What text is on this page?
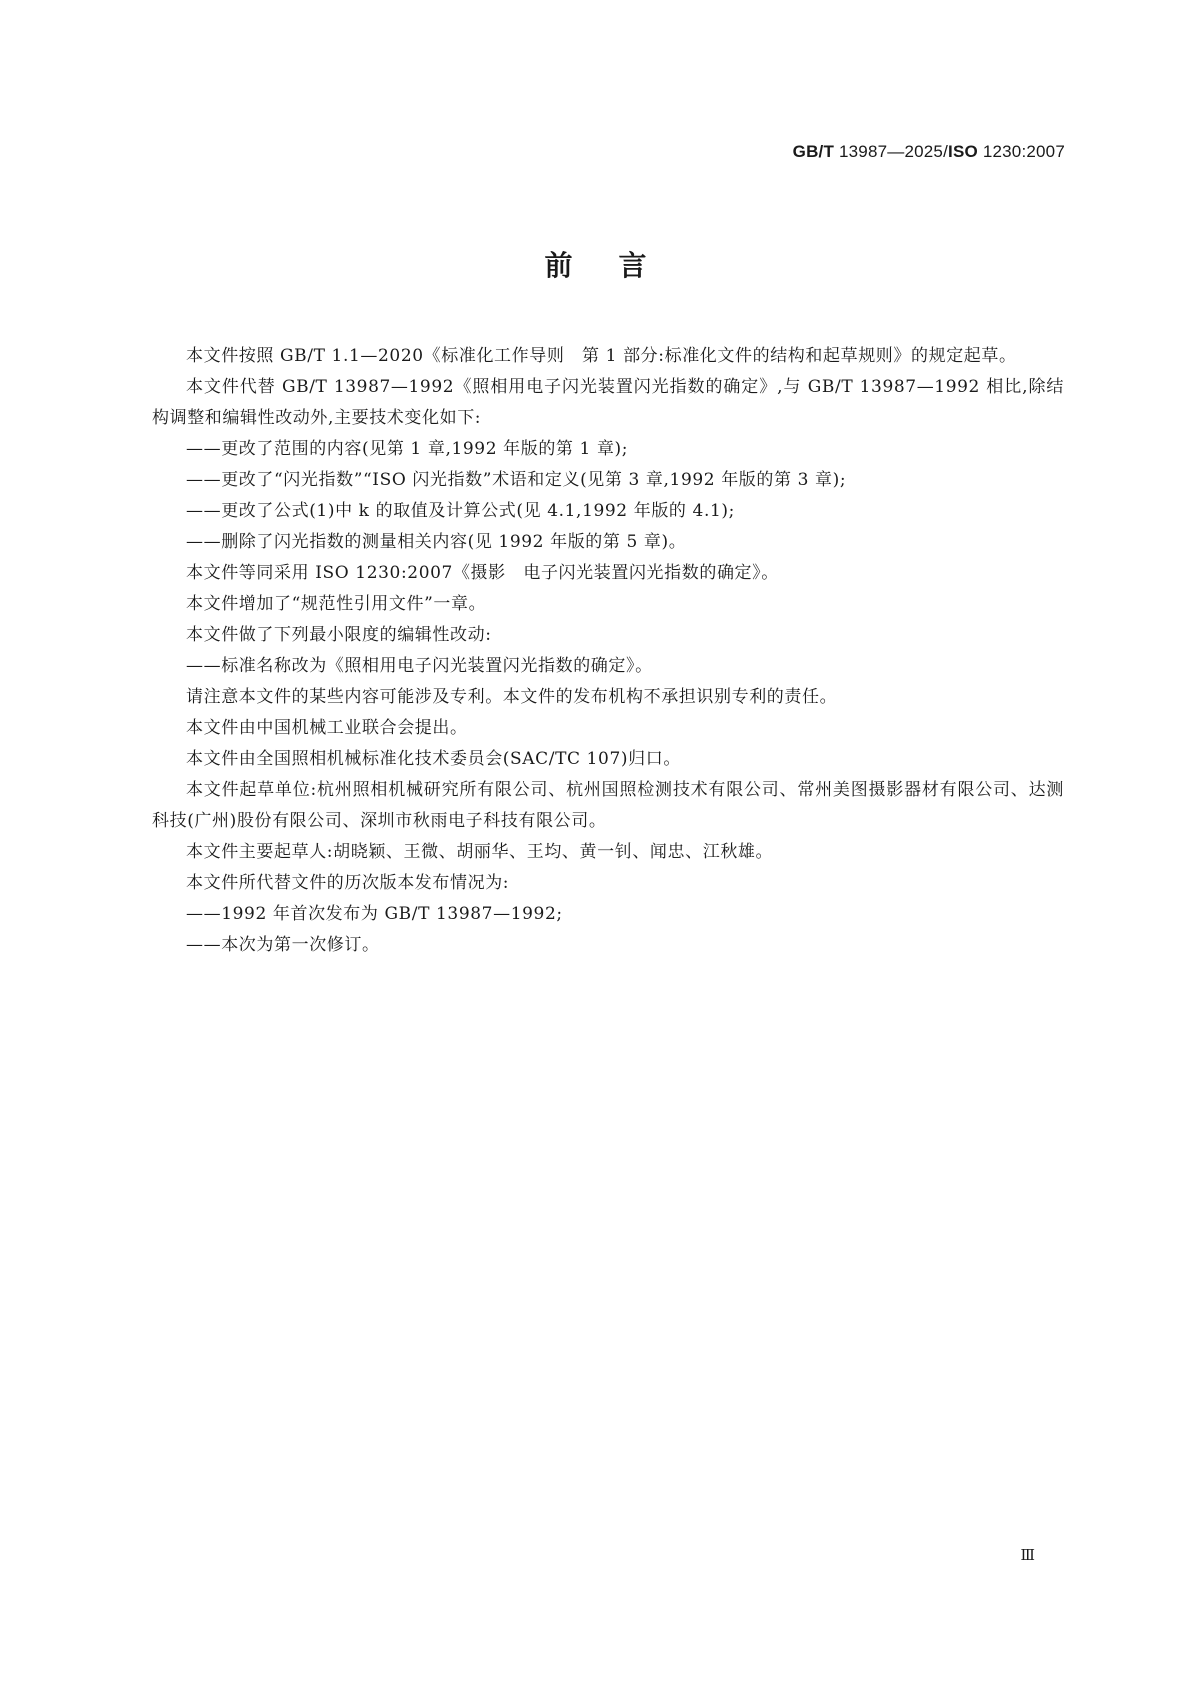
GB/T 13987—2025/ISO 1230:2007
前言

本文件按照 GB/T 1.1—2020《标准化工作导则　第 1 部分:标准化文件的结构和起草规则》的规定起草。

本文件代替 GB/T 13987—1992《照相用电子闪光装置闪光指数的确定》,与 GB/T 13987—1992 相比,除结构调整和编辑性改动外,主要技术变化如下:

——更改了范围的内容(见第 1 章,1992 年版的第 1 章);

——更改了“闪光指数”“ISO 闪光指数”术语和定义(见第 3 章,1992 年版的第 3 章);

——更改了公式(1)中 k 的取值及计算公式(见 4.1,1992 年版的 4.1);

——删除了闪光指数的测量相关内容(见 1992 年版的第 5 章)。

本文件等同采用 ISO 1230:2007《摄影　电子闪光装置闪光指数的确定》。

本文件增加了“规范性引用文件”一章。

本文件做了下列最小限度的编辑性改动:

——标准名称改为《照相用电子闪光装置闪光指数的确定》。

请注意本文件的某些内容可能涉及专利。本文件的发布机构不承担识别专利的责任。

本文件由中国机械工业联合会提出。

本文件由全国照相机械标准化技术委员会(SAC/TC 107)归口。

本文件起草单位:杭州照相机械研究所有限公司、杭州国照检测技术有限公司、常州美图摄影器材有限公司、达测科技(广州)股份有限公司、深圳市秋雨电子科技有限公司。

本文件主要起草人:胡晓颖、王微、胡丽华、王均、黄一钊、闻忠、江秋雄。

本文件所代替文件的历次版本发布情况为:

——1992 年首次发布为 GB/T 13987—1992;

——本次为第一次修订。

Ⅲ
